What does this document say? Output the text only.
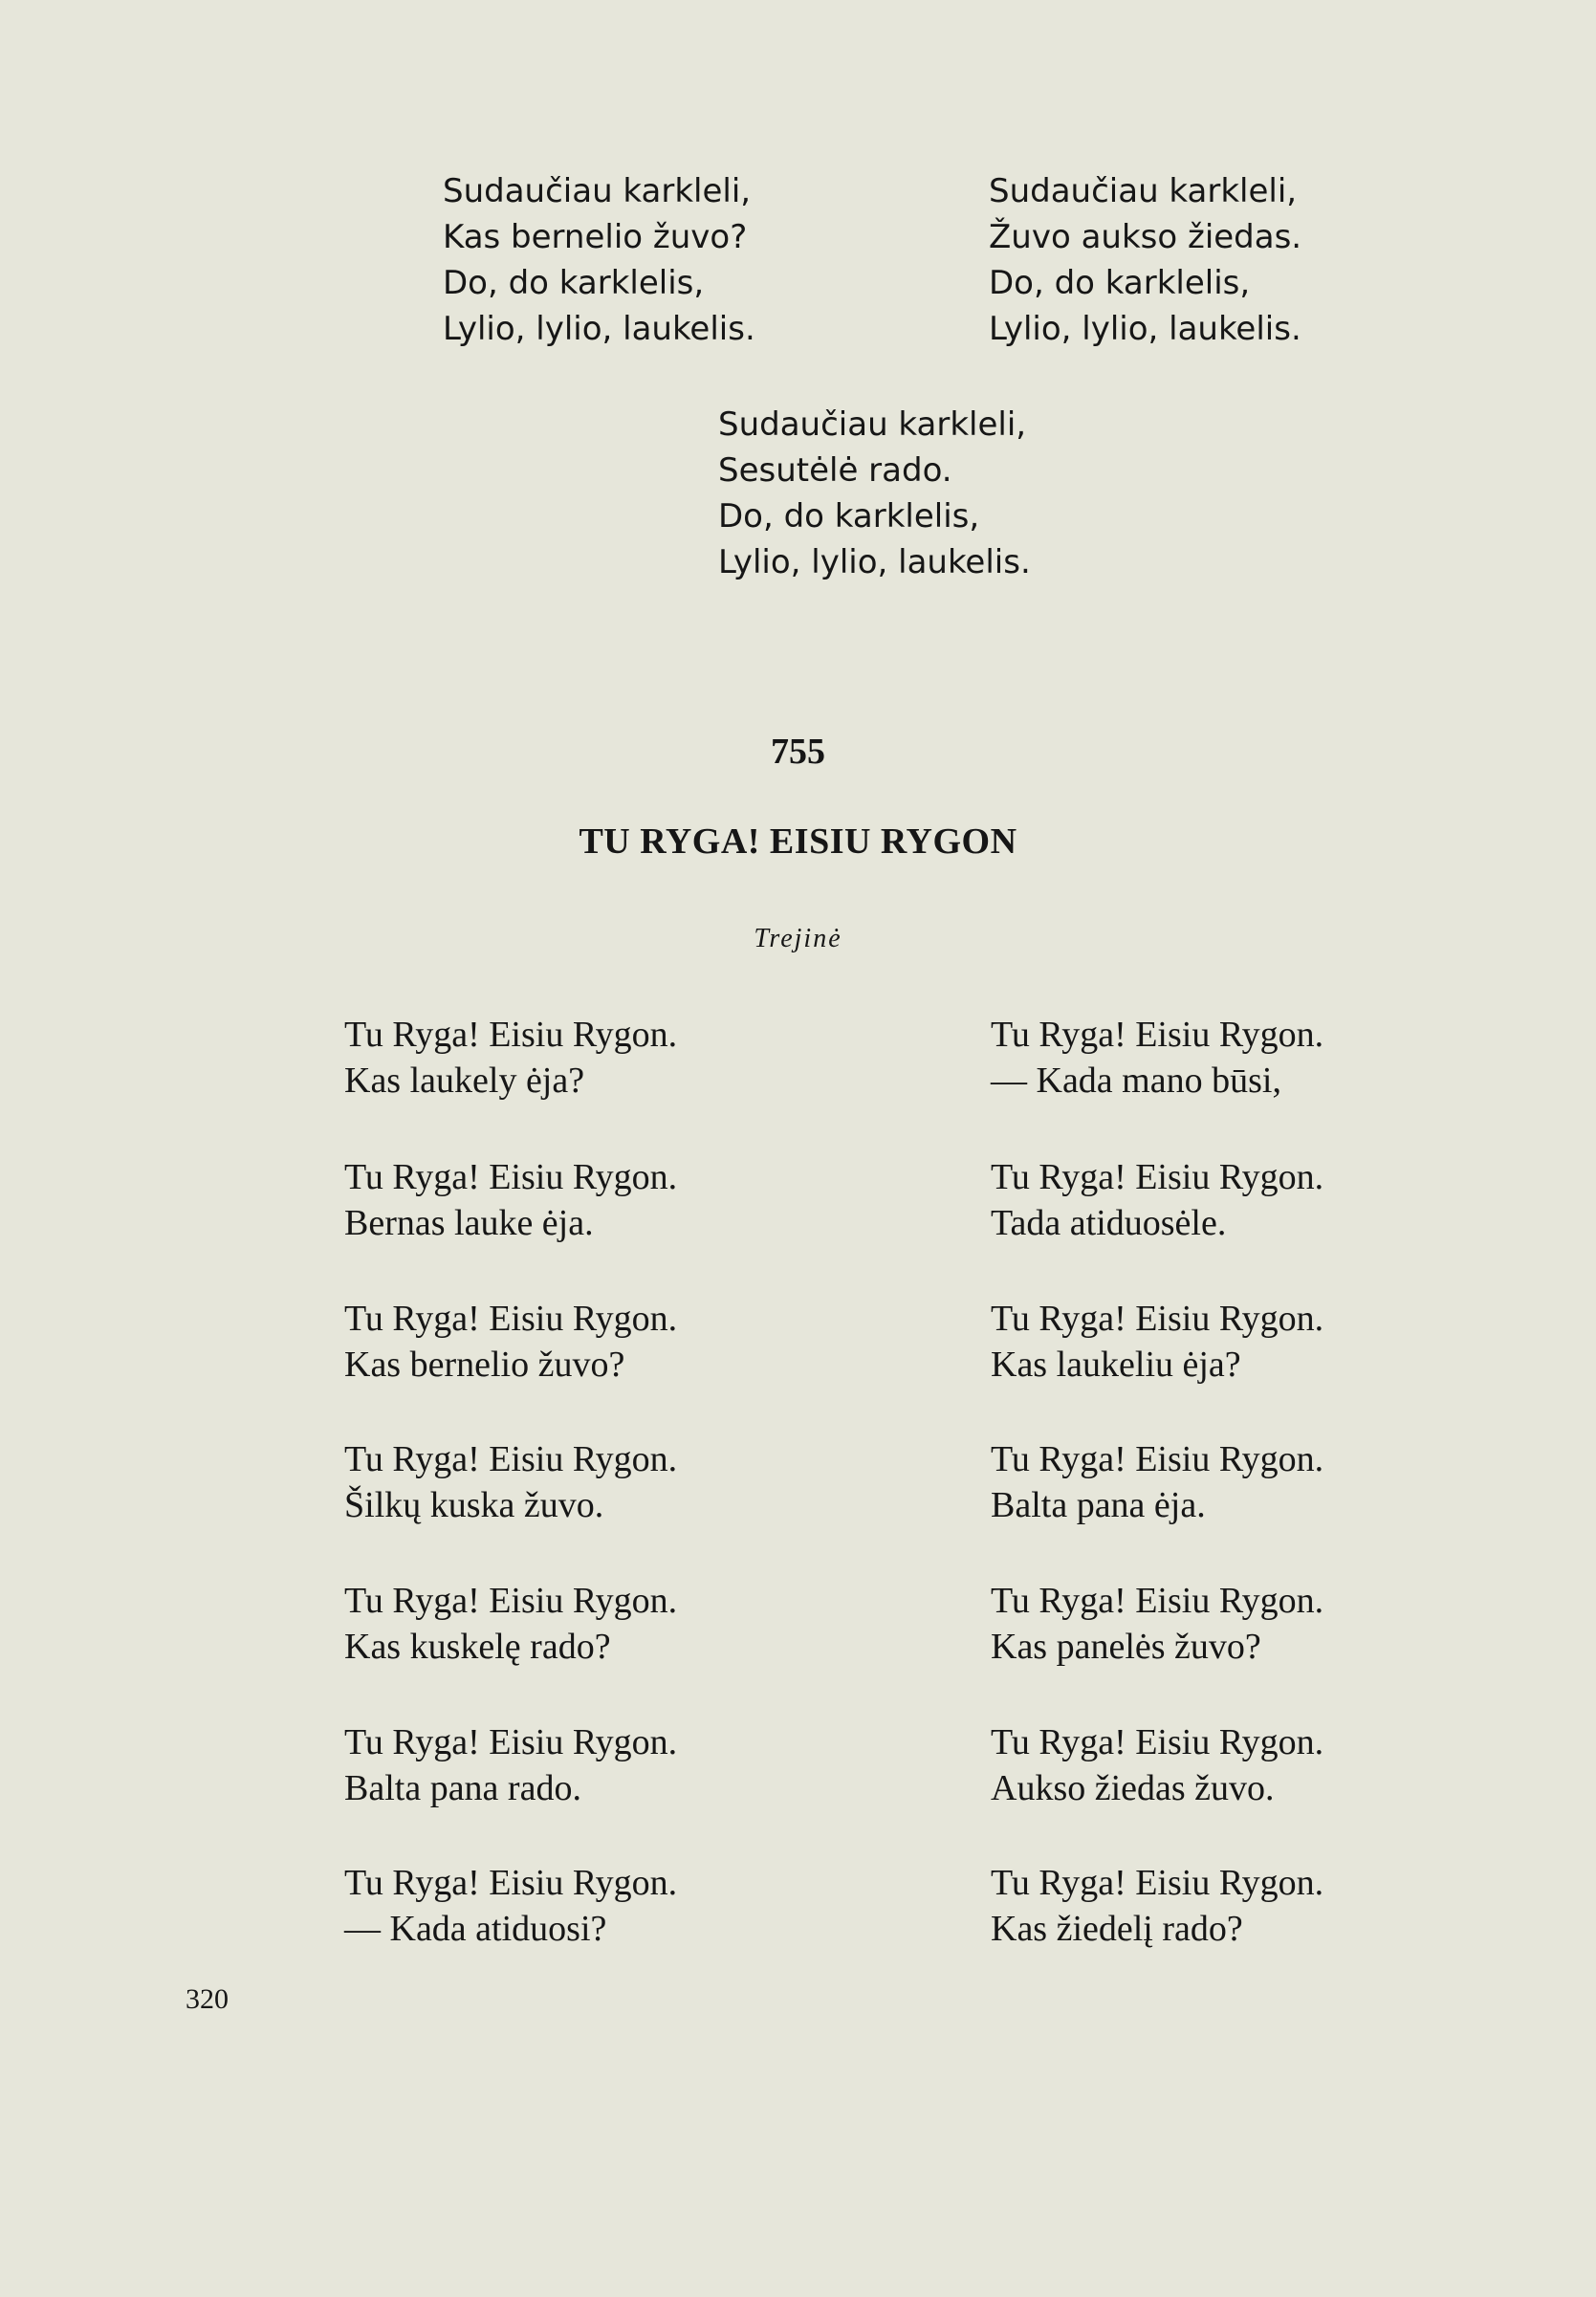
Sudaučiau karkleli,
Kas bernelio žuvo?
Do, do karklelis,
Lylio, lylio, laukelis.
Sudaučiau karkleli,
Žuvo aukso žiedas.
Do, do karklelis,
Lylio, lylio, laukelis.
Sudaučiau karkleli,
Sesutėlė rado.
Do, do karklelis,
Lylio, lylio, laukelis.
755
TU RYGA! EISIU RYGON
Trejinė
Tu Ryga! Eisiu Rygon.
Kas laukely ėja?
Tu Ryga! Eisiu Rygon.
Bernas lauke ėja.
Tu Ryga! Eisiu Rygon.
Kas bernelio žuvo?
Tu Ryga! Eisiu Rygon.
Šilkų kuska žuvo.
Tu Ryga! Eisiu Rygon.
Kas kuskelę rado?
Tu Ryga! Eisiu Rygon.
Balta pana rado.
Tu Ryga! Eisiu Rygon.
— Kada atiduosi?
Tu Ryga! Eisiu Rygon.
— Kada mano būsi,
Tu Ryga! Eisiu Rygon.
Tada atiduosėle.
Tu Ryga! Eisiu Rygon.
Kas laukeliu ėja?
Tu Ryga! Eisiu Rygon.
Balta pana ėja.
Tu Ryga! Eisiu Rygon.
Kas panelės žuvo?
Tu Ryga! Eisiu Rygon.
Aukso žiedas žuvo.
Tu Ryga! Eisiu Rygon.
Kas žiedelį rado?
320
